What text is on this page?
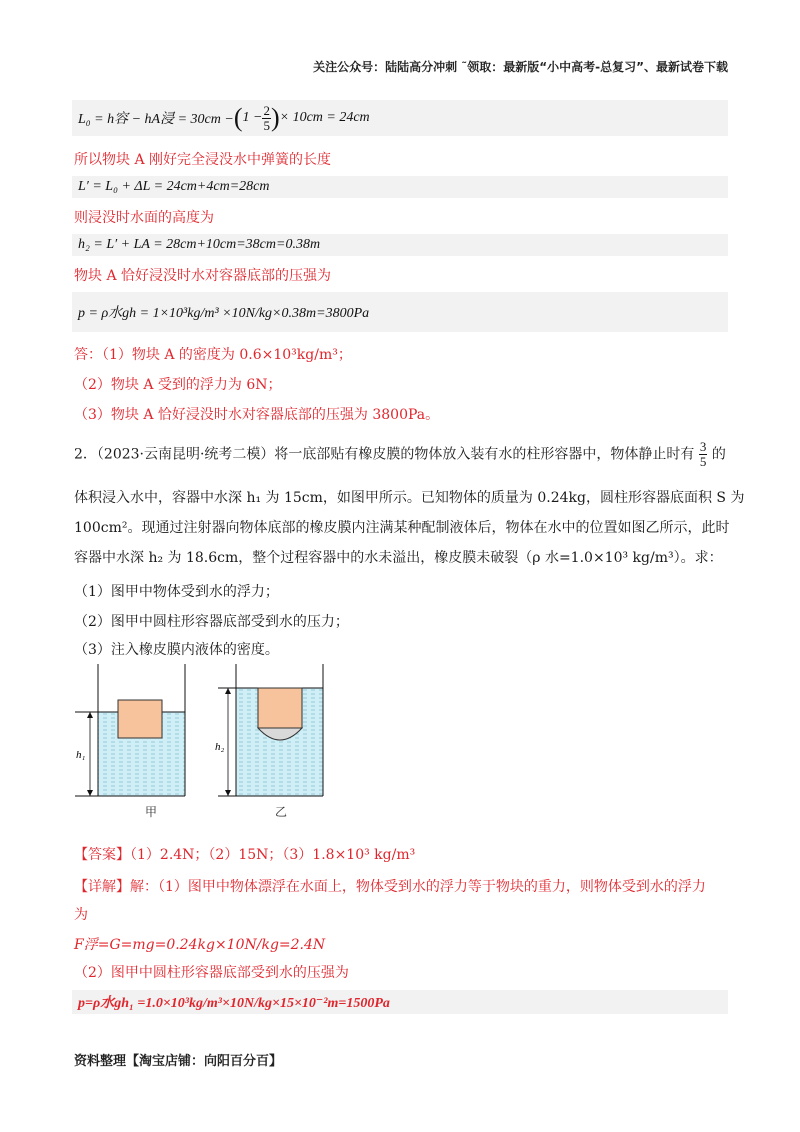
关注公众号：陆陆高分冲刺 ˜领取：最新版“小中高考-总复习”、最新试卷下载
L₀ = h容 − hA浸 = 30cm − ( $1 - \frac{2}{5}$ ) × 10cm = 24cm
所以物块 A 刚好完全浸没水中弹簧的长度
L′ = L₀ + ΔL = 24cm+4cm=28cm
则浸没时水面的高度为
h₂ = L′ + LA = 28cm+10cm=38cm=0.38m
物块 A 恰好浸没时水对容器底部的压强为
p = ρ水gh = 1×10³kg/m³ ×10N/kg×0.38m=3800Pa
答：（1）物块 A 的密度为 0.6×10³kg/m³；
（2）物块 A 受到的浮力为 6N；
（3）物块 A 恰好浸没时水对容器底部的压强为 3800Pa。
2．（2023·云南昆明·统考二模）将一底部贴有橡皮膜的物体放入装有水的柱形容器中，物体静止时有 $\frac{3}{5}$ 的
体积浸入水中，容器中水深 h₁ 为 15cm，如图甲所示。已知物体的质量为 0.24kg，圆柱形容器底面积 S 为
100cm²。现通过注射器向物体底部的橡皮膜内注满某种配制液体后，物体在水中的位置如图乙所示，此时
容器中水深 h₂ 为 18.6cm，整个过程容器中的水未溢出，橡皮膜未破裂（ρ 水=1.0×10³ kg/m³）。求：
（1）图甲中物体受到水的浮力；
（2）图甲中圆柱形容器底部受到水的压力；
（3）注入橡皮膜内液体的密度。
h₁
h₂
甲	乙
【答案】（1）2.4N；（2）15N；（3）1.8×10³ kg/m³
【详解】解：（1）图甲中物体漂浮在水面上，物体受到水的浮力等于物块的重力，则物体受到水的浮力
为
F浮=G=mg=0.24kg×10N/kg=2.4N
（2）图甲中圆柱形容器底部受到水的压强为
p=ρ水gh₁ =1.0×10³kg/m³×10N/kg×15×10⁻²m=1500Pa
资料整理【淘宝店铺：向阳百分百】
